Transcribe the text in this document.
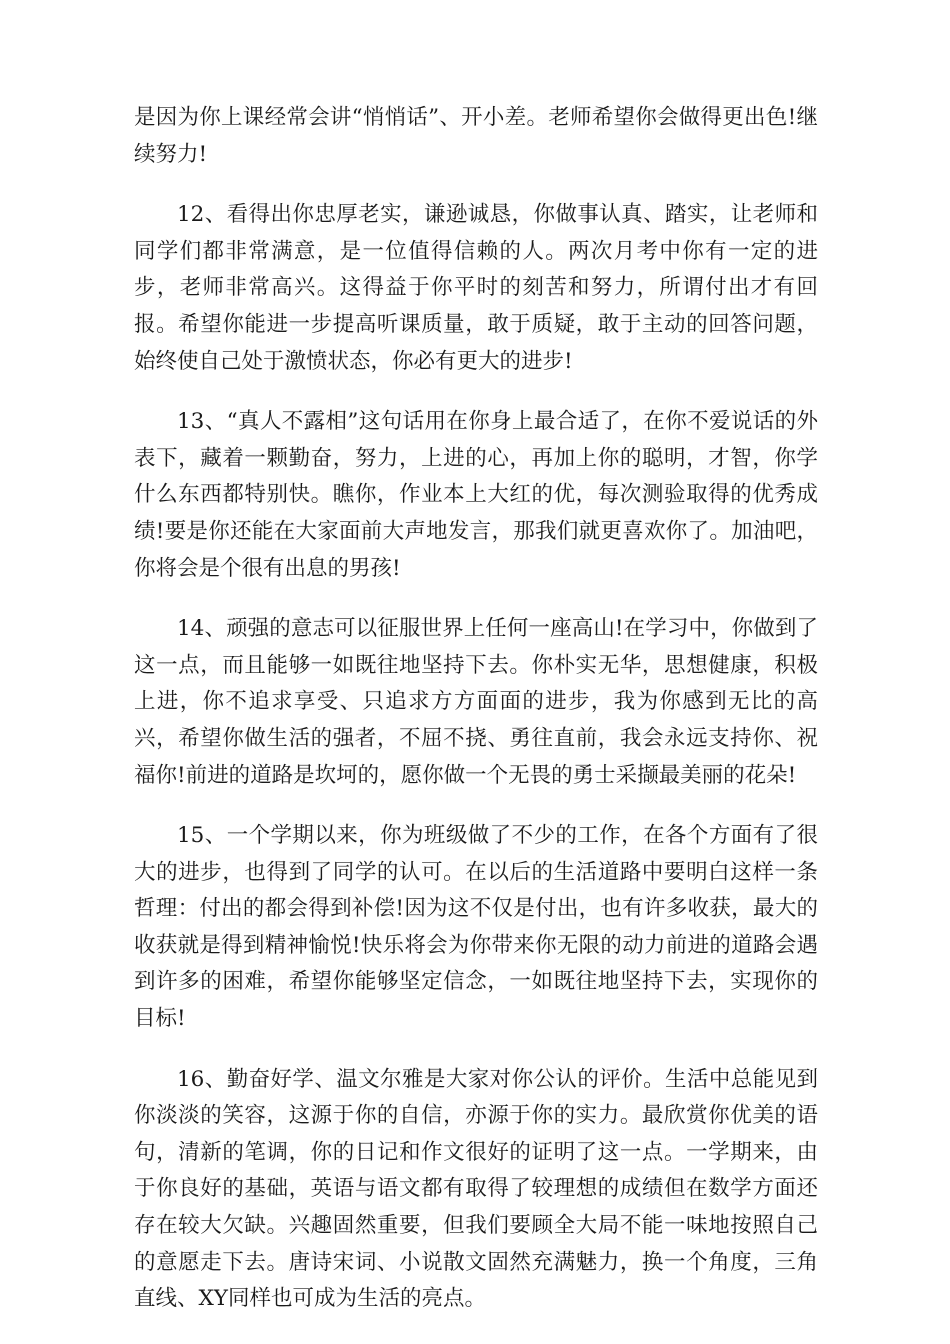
是因为你上课经常会讲“悄悄话”、开小差。老师希望你会做得更出色!继续努力!

12、看得出你忠厚老实，谦逊诚恳，你做事认真、踏实，让老师和同学们都非常满意，是一位值得信赖的人。两次月考中你有一定的进步，老师非常高兴。这得益于你平时的刻苦和努力，所谓付出才有回报。希望你能进一步提高听课质量，敢于质疑，敢于主动的回答问题，始终使自己处于激愤状态，你必有更大的进步!

13、“真人不露相”这句话用在你身上最合适了，在你不爱说话的外表下，藏着一颗勤奋，努力，上进的心，再加上你的聪明，才智，你学什么东西都特别快。瞧你，作业本上大红的优，每次测验取得的优秀成绩!要是你还能在大家面前大声地发言，那我们就更喜欢你了。加油吧，你将会是个很有出息的男孩!

14、顽强的意志可以征服世界上任何一座高山!在学习中，你做到了这一点，而且能够一如既往地坚持下去。你朴实无华，思想健康，积极上进，你不追求享受、只追求方方面面的进步，我为你感到无比的高兴，希望你做生活的强者，不屈不挠、勇往直前，我会永远支持你、祝福你!前进的道路是坎坷的，愿你做一个无畏的勇士采撷最美丽的花朵!

15、一个学期以来，你为班级做了不少的工作，在各个方面有了很大的进步，也得到了同学的认可。在以后的生活道路中要明白这样一条哲理：付出的都会得到补偿!因为这不仅是付出，也有许多收获，最大的收获就是得到精神愉悦!快乐将会为你带来你无限的动力前进的道路会遇到许多的困难，希望你能够坚定信念，一如既往地坚持下去，实现你的目标!

16、勤奋好学、温文尔雅是大家对你公认的评价。生活中总能见到你淡淡的笑容，这源于你的自信，亦源于你的实力。最欣赏你优美的语句，清新的笔调，你的日记和作文很好的证明了这一点。一学期来，由于你良好的基础，英语与语文都有取得了较理想的成绩但在数学方面还存在较大欠缺。兴趣固然重要，但我们要顾全大局不能一味地按照自己的意愿走下去。唐诗宋词、小说散文固然充满魅力，换一个角度，三角直线、XY同样也可成为生活的亮点。
